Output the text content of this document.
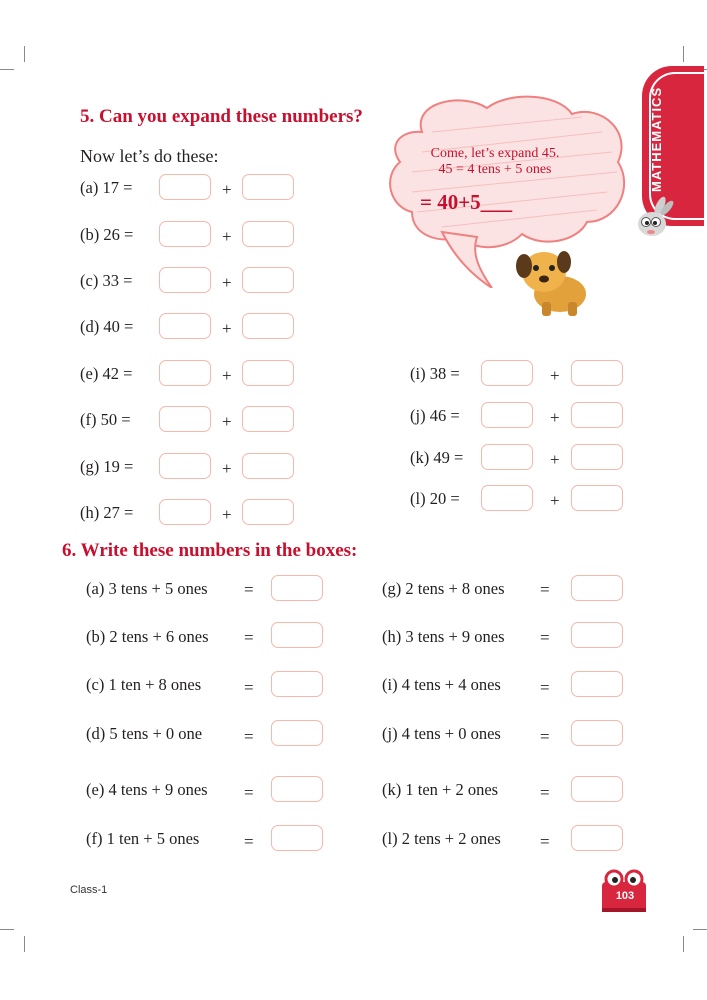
MATHEMATICS
5. Can you expand these numbers?
Now let’s do these:	Come, let’s expand 45.
45 = 4 tens + 5 ones
= 40+5___
(a) 17 =	+
(b) 26 =	+
(c) 33 =	+
(d) 40 =	+
(e) 42 =	+
(f) 50 =	+
(g) 19 =	+
(h) 27 =	+
(i) 38 =	+
(j) 46 =	+
(k) 49 =	+
(l) 20 =	+
6. Write these numbers in the boxes:
(a) 3 tens + 5 ones =
(b) 2 tens + 6 ones =
(c) 1 ten + 8 ones	=
(d) 5 tens + 0 one =
(e) 4 tens + 9 ones =
(f) 1 ten + 5 ones	=
(g) 2 tens + 8 ones =
(h) 3 tens + 9 ones =
(i) 4 tens + 4 ones =
(j) 4 tens + 0 ones =
(k) 1 ten + 2 ones =
(l) 2 tens + 2 ones =
Class-1	103
